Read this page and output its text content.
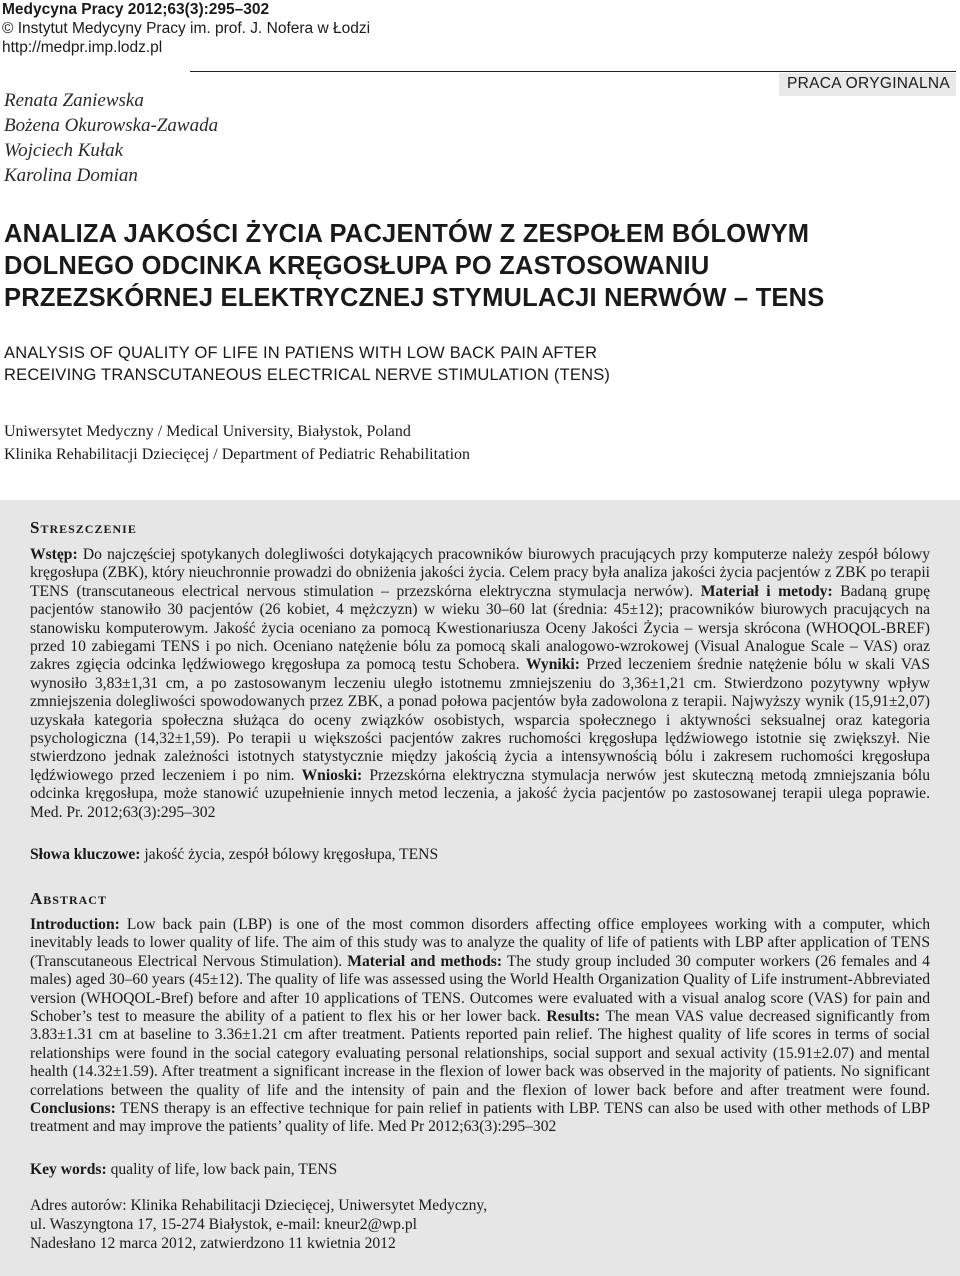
Medycyna Pracy 2012;63(3):295–302
© Instytut Medycyny Pracy im. prof. J. Nofera w Łodzi
http://medpr.imp.lodz.pl
PRACA ORYGINALNA
Renata Zaniewska
Bożena Okurowska-Zawada
Wojciech Kułak
Karolina Domian
ANALIZA JAKOŚCI ŻYCIA PACJENTÓW Z ZESPOŁEM BÓLOWYM
DOLNEGO ODCINKA KRĘGOSŁUPA PO ZASTOSOWANIU
PRZEZSKÓRNEJ ELEKTRYCZNEJ STYMULACJI NERWÓW – TENS
ANALYSIS OF QUALITY OF LIFE IN PATIENS WITH LOW BACK PAIN AFTER
RECEIVING TRANSCUTANEOUS ELECTRICAL NERVE STIMULATION (TENS)
Uniwersytet Medyczny / Medical University, Białystok, Poland
Klinika Rehabilitacji Dziecięcej / Department of Pediatric Rehabilitation
Streszczenie
Wstęp: Do najczęściej spotykanych dolegliwości dotykających pracowników biurowych pracujących przy komputerze należy zespół bólowy kręgosłupa (ZBK), który nieuchronnie prowadzi do obniżenia jakości życia. Celem pracy była analiza jakości życia pacjentów z ZBK po terapii TENS (transcutaneous electrical nervous stimulation – przezskórna elektryczna stymulacja nerwów). Materiał i metody: Badaną grupę pacjentów stanowiło 30 pacjentów (26 kobiet, 4 mężczyzn) w wieku 30–60 lat (średnia: 45±12); pracowników biurowych pracujących na stanowisku komputerowym. Jakość życia oceniano za pomocą Kwestionariusza Oceny Jakości Życia – wersja skrócona (WHOQOL-BREF) przed 10 zabiegami TENS i po nich. Oceniano natężenie bólu za pomocą skali analogowo-wzrokowej (Visual Analogue Scale – VAS) oraz zakres zgięcia odcinka lędźwiowego kręgosłupa za pomocą testu Schobera. Wyniki: Przed leczeniem średnie natężenie bólu w skali VAS wynosiło 3,83±1,31 cm, a po zastosowanym leczeniu uległo istotnemu zmniejszeniu do 3,36±1,21 cm. Stwierdzono pozytywny wpływ zmniejszenia dolegliwości spowodowanych przez ZBK, a ponad połowa pacjentów była zadowolona z terapii. Najwyższy wynik (15,91±2,07) uzyskała kategoria społeczna służąca do oceny związków osobistych, wsparcia społecznego i aktywności seksualnej oraz kategoria psychologiczna (14,32±1,59). Po terapii u większości pacjentów zakres ruchomości kręgosłupa lędźwiowego istotnie się zwiększył. Nie stwierdzono jednak zależności istotnych statystycznie między jakością życia a intensywnością bólu i zakresem ruchomości kręgosłupa lędźwiowego przed leczeniem i po nim. Wnioski: Przezskórna elektryczna stymulacja nerwów jest skuteczną metodą zmniejszania bólu odcinka kręgosłupa, może stanowić uzupełnienie innych metod leczenia, a jakość życia pacjentów po zastosowanej terapii ulega poprawie. Med. Pr. 2012;63(3):295–302
Słowa kluczowe: jakość życia, zespół bólowy kręgosłupa, TENS
Abstract
Introduction: Low back pain (LBP) is one of the most common disorders affecting office employees working with a computer, which inevitably leads to lower quality of life. The aim of this study was to analyze the quality of life of patients with LBP after application of TENS (Transcutaneous Electrical Nervous Stimulation). Material and methods: The study group included 30 computer workers (26 females and 4 males) aged 30–60 years (45±12). The quality of life was assessed using the World Health Organization Quality of Life instrument-Abbreviated version (WHOQOL-Bref) before and after 10 applications of TENS. Outcomes were evaluated with a visual analog score (VAS) for pain and Schober’s test to measure the ability of a patient to flex his or her lower back. Results: The mean VAS value decreased significantly from 3.83±1.31 cm at baseline to 3.36±1.21 cm after treatment. Patients reported pain relief. The highest quality of life scores in terms of social relationships were found in the social category evaluating personal relationships, social support and sexual activity (15.91±2.07) and mental health (14.32±1.59). After treatment a significant increase in the flexion of lower back was observed in the majority of patients. No significant correlations between the quality of life and the intensity of pain and the flexion of lower back before and after treatment were found. Conclusions: TENS therapy is an effective technique for pain relief in patients with LBP. TENS can also be used with other methods of LBP treatment and may improve the patients’ quality of life. Med Pr 2012;63(3):295–302
Key words: quality of life, low back pain, TENS
Adres autorów: Klinika Rehabilitacji Dziecięcej, Uniwersytet Medyczny,
ul. Waszyngtona 17, 15-274 Białystok, e-mail: kneur2@wp.pl
Nadesłano 12 marca 2012, zatwierdzono 11 kwietnia 2012
